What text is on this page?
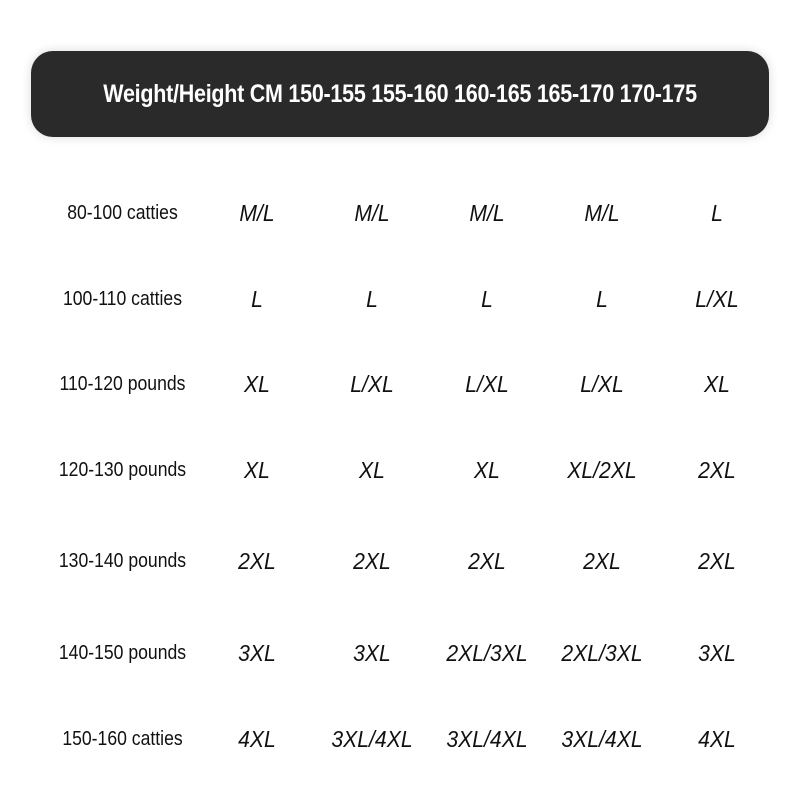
Weight/Height CM 150-155 155-160 160-165 165-170 170-175
80-100 catties	M/L	M/L	M/L	M/L	L
100-110 catties	L	L	L	L	L/XL
110-120 pounds	XL	L/XL	L/XL	L/XL	XL
120-130 pounds	XL	XL	XL	XL/2XL	2XL
130-140 pounds	2XL	2XL	2XL	2XL	2XL
140-150 pounds	3XL	3XL	2XL/3XL	2XL/3XL	3XL
150-160 catties	4XL	3XL/4XL	3XL/4XL	3XL/4XL	4XL
